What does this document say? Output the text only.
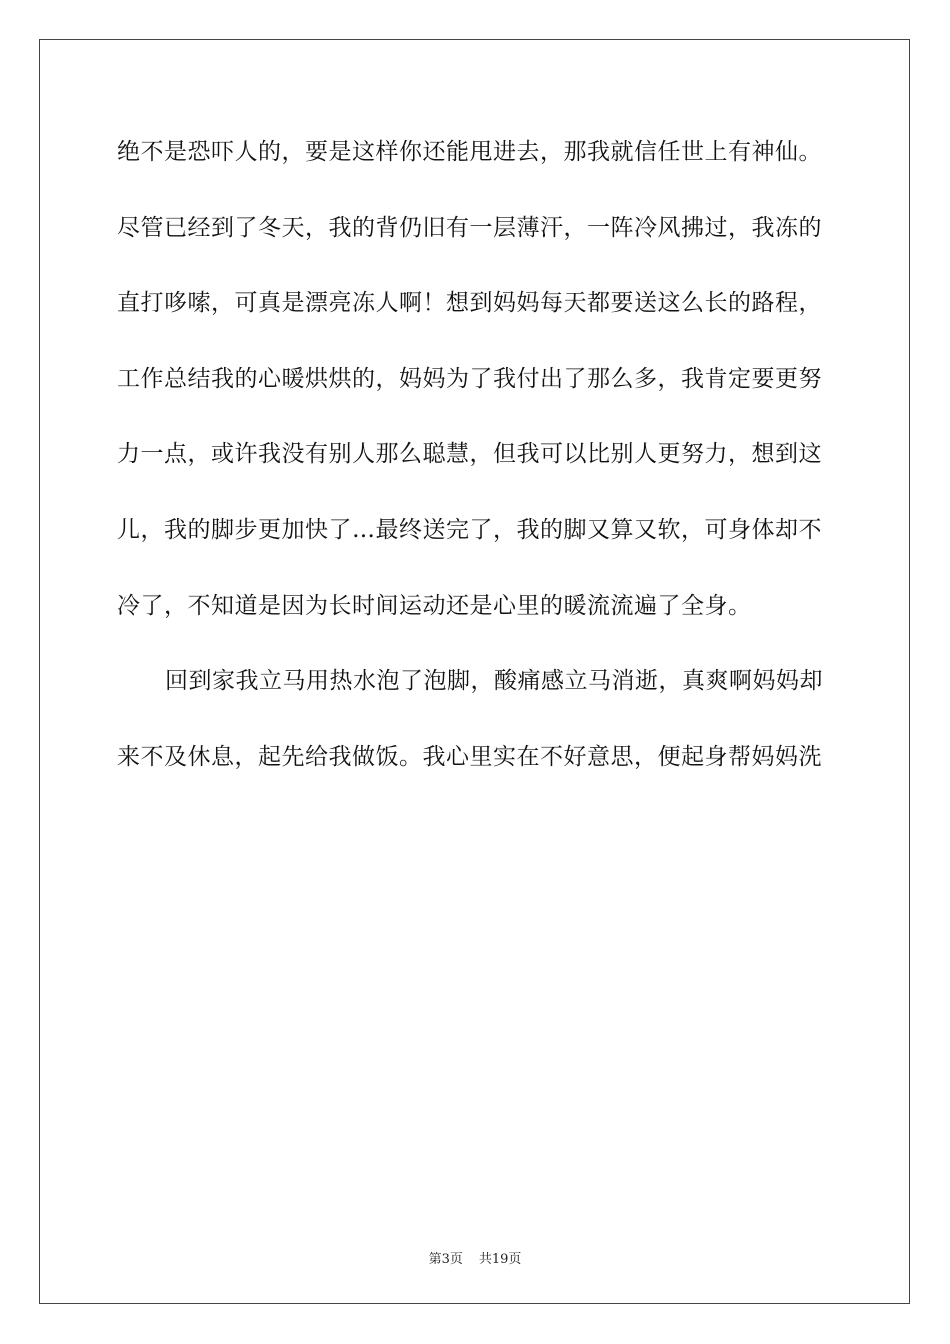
绝不是恐吓人的，要是这样你还能甩进去，那我就信任世上有神仙。
尽管已经到了冬天，我的背仍旧有一层薄汗，一阵冷风拂过，我冻的
直打哆嗦，可真是漂亮冻人啊！想到妈妈每天都要送这么长的路程，
工作总结我的心暖烘烘的，妈妈为了我付出了那么多，我肯定要更努
力一点，或许我没有别人那么聪慧，但我可以比别人更努力，想到这
儿，我的脚步更加快了…最终送完了，我的脚又算又软，可身体却不
冷了，不知道是因为长时间运动还是心里的暖流流遍了全身。
回到家我立马用热水泡了泡脚，酸痛感立马消逝，真爽啊妈妈却
来不及休息，起先给我做饭。我心里实在不好意思，便起身帮妈妈洗
第3页 共19页
